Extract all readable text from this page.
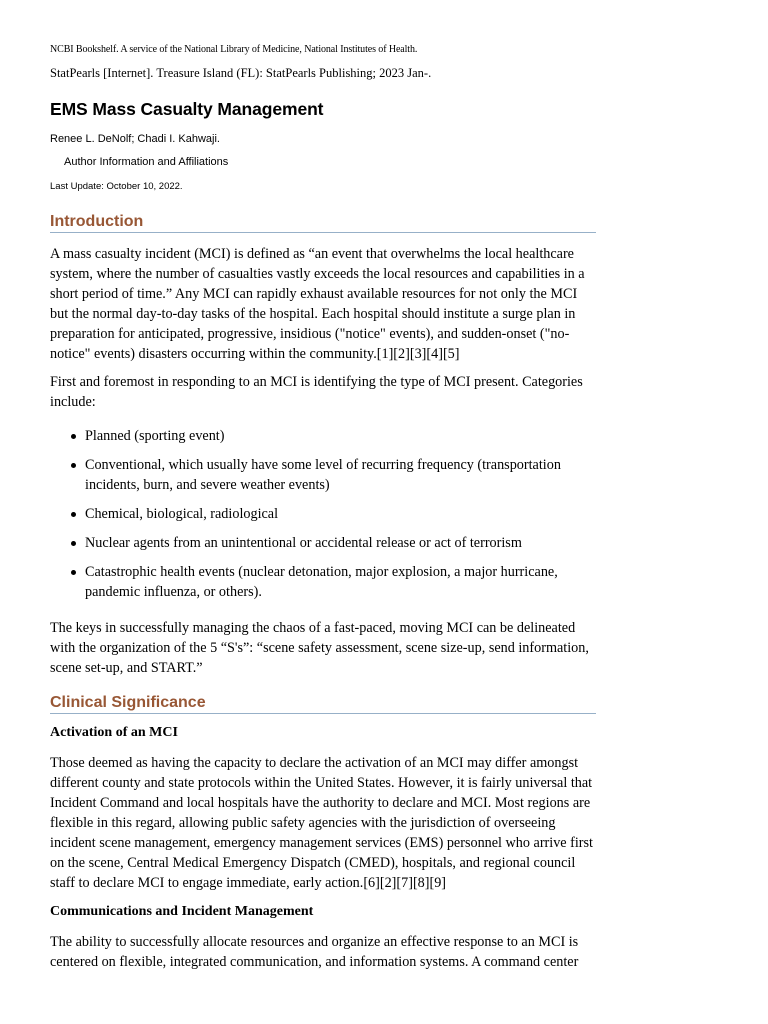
NCBI Bookshelf. A service of the National Library of Medicine, National Institutes of Health.
StatPearls [Internet]. Treasure Island (FL): StatPearls Publishing; 2023 Jan-.
EMS Mass Casualty Management
Renee L. DeNolf; Chadi I. Kahwaji.
Author Information and Affiliations
Last Update: October 10, 2022.
Introduction

A mass casualty incident (MCI) is defined as “an event that overwhelms the local healthcare system, where the number of casualties vastly exceeds the local resources and capabilities in a short period of time.” Any MCI can rapidly exhaust available resources for not only the MCI but the normal day-to-day tasks of the hospital. Each hospital should institute a surge plan in preparation for anticipated, progressive, insidious ("notice" events), and sudden-onset ("no-notice" events) disasters occurring within the community.[1][2][3][4][5]

First and foremost in responding to an MCI is identifying the type of MCI present. Categories include:

Planned (sporting event)
Conventional, which usually have some level of recurring frequency (transportation incidents, burn, and severe weather events)
Chemical, biological, radiological
Nuclear agents from an unintentional or accidental release or act of terrorism
Catastrophic health events (nuclear detonation, major explosion, a major hurricane, pandemic influenza, or others).

The keys in successfully managing the chaos of a fast-paced, moving MCI can be delineated with the organization of the 5 “S's”: “scene safety assessment, scene size-up, send information, scene set-up, and START.”

Clinical Significance
Activation of an MCI

Those deemed as having the capacity to declare the activation of an MCI may differ amongst different county and state protocols within the United States. However, it is fairly universal that Incident Command and local hospitals have the authority to declare and MCI. Most regions are flexible in this regard, allowing public safety agencies with the jurisdiction of overseeing incident scene management, emergency management services (EMS) personnel who arrive first on the scene, Central Medical Emergency Dispatch (CMED), hospitals, and regional council staff to declare MCI to engage immediate, early action.[6][2][7][8][9]

Communications and Incident Management

The ability to successfully allocate resources and organize an effective response to an MCI is centered on flexible, integrated communication, and information systems. A command center
